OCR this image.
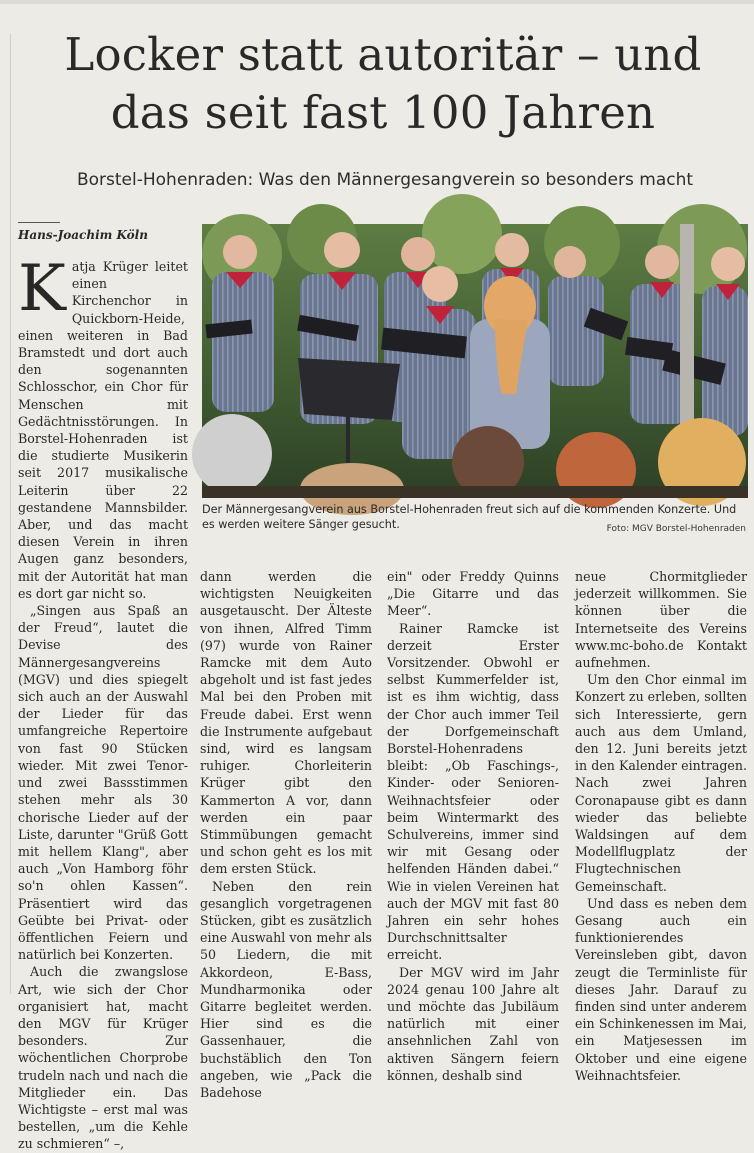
Locker statt autoritär – und das seit fast 100 Jahren
Borstel-Hohenraden: Was den Männergesangverein so besonders macht
Hans-Joachim Köln

Katja Krüger leitet einen Kirchenchor in Quickborn-Heide, einen weiteren in Bad Bramstedt und dort auch den sogenannten Schlosschor, ein Chor für Menschen mit Gedächtnisstörungen. In Borstel-Hohenraden ist die studierte Musikerin seit 2017 musikalische Leiterin über 22 gestandene Mannsbilder. Aber, und das macht diesen Verein in ihren Augen ganz besonders, mit der Autorität hat man es dort gar nicht so.

„Singen aus Spaß an der Freud“, lautet die Devise des Männergesangvereins (MGV) und dies spiegelt sich auch an der Auswahl der Lieder für das umfangreiche Repertoire von fast 90 Stücken wieder. Mit zwei Tenor- und zwei Bassstimmen stehen mehr als 30 chorische Lieder auf der Liste, darunter "Grüß Gott mit hellem Klang", aber auch „Von Hamborg föhr so'n ohlen Kassen“. Präsentiert wird das Geübte bei Privat- oder öffentlichen Feiern und natürlich bei Konzerten.

Auch die zwangslose Art, wie sich der Chor organisiert hat, macht den MGV für Krüger besonders. Zur wöchentlichen Chorprobe trudeln nach und nach die Mitglieder ein. Das Wichtigste – erst mal was bestellen, „um die Kehle zu schmieren“ –,

Der Männergesangverein aus Borstel-Hohenraden freut sich auf die kommenden Konzerte. Und es werden weitere Sänger gesucht.	Foto: MGV Borstel-Hohenraden

dann werden die wichtigsten Neuigkeiten ausgetauscht. Der Älteste von ihnen, Alfred Timm (97) wurde von Rainer Ramcke mit dem Auto abgeholt und ist fast jedes Mal bei den Proben mit Freude dabei. Erst wenn die Instrumente aufgebaut sind, wird es langsam ruhiger. Chorleiterin Krüger gibt den Kammerton A vor, dann werden ein paar Stimmübungen gemacht und schon geht es los mit dem ersten Stück.

Neben den rein gesanglich vorgetragenen Stücken, gibt es zusätzlich eine Auswahl von mehr als 50 Liedern, die mit Akkordeon, E-Bass, Mundharmonika oder Gitarre begleitet werden. Hier sind es die Gassenhauer, die buchstäblich den Ton angeben, wie „Pack die Badehose

ein" oder Freddy Quinns „Die Gitarre und das Meer“.

Rainer Ramcke ist derzeit Erster Vorsitzender. Obwohl er selbst Kummerfelder ist, ist es ihm wichtig, dass der Chor auch immer Teil der Dorfgemeinschaft Borstel-Hohenradens bleibt: „Ob Faschings-, Kinder- oder Senioren-Weihnachtsfeier oder beim Wintermarkt des Schulvereins, immer sind wir mit Gesang oder helfenden Händen dabei.“ Wie in vielen Vereinen hat auch der MGV mit fast 80 Jahren ein sehr hohes Durchschnittsalter erreicht.

Der MGV wird im Jahr 2024 genau 100 Jahre alt und möchte das Jubiläum natürlich mit einer ansehnlichen Zahl von aktiven Sängern feiern können, deshalb sind

neue Chormitglieder jederzeit willkommen. Sie können über die Internetseite des Vereins www.mc-boho.de Kontakt aufnehmen.

Um den Chor einmal im Konzert zu erleben, sollten sich Interessierte, gern auch aus dem Umland, den 12. Juni bereits jetzt in den Kalender eintragen. Nach zwei Jahren Coronapause gibt es dann wieder das beliebte Waldsingen auf dem Modellflugplatz der Flugtechnischen Gemeinschaft.

Und dass es neben dem Gesang auch ein funktionierendes Vereinsleben gibt, davon zeugt die Terminliste für dieses Jahr. Darauf zu finden sind unter anderem ein Schinkenessen im Mai, ein Matjesessen im Oktober und eine eigene Weihnachtsfeier.
